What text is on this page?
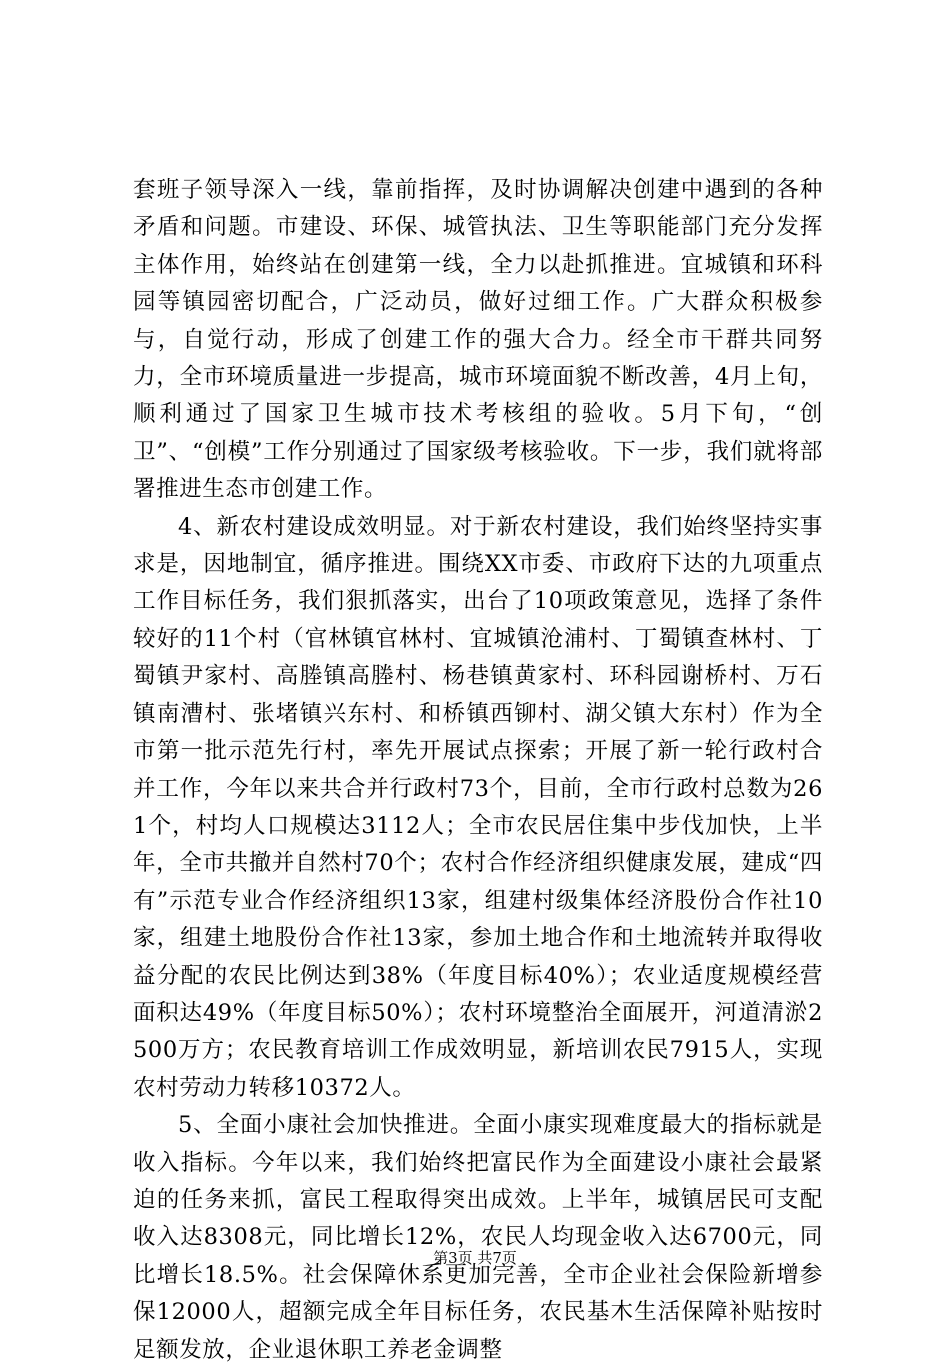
套班子领导深入一线，靠前指挥，及时协调解决创建中遇到的各种矛盾和问题。市建设、环保、城管执法、卫生等职能部门充分发挥主体作用，始终站在创建第一线，全力以赴抓推进。宜城镇和环科园等镇园密切配合，广泛动员，做好过细工作。广大群众积极参与，自觉行动，形成了创建工作的强大合力。经全市干群共同努力，全市环境质量进一步提高，城市环境面貌不断改善，4月上旬，顺利通过了国家卫生城市技术考核组的验收。5月下旬，“创卫”、“创模”工作分别通过了国家级考核验收。下一步，我们就将部署推进生态市创建工作。

4、新农村建设成效明显。对于新农村建设，我们始终坚持实事求是，因地制宜，循序推进。围绕XX市委、市政府下达的九项重点工作目标任务，我们狠抓落实，出台了10项政策意见，选择了条件较好的11个村（官林镇官林村、宜城镇沧浦村、丁蜀镇查林村、丁蜀镇尹家村、高塍镇高塍村、杨巷镇黄家村、环科园谢桥村、万石镇南漕村、张堵镇兴东村、和桥镇西铆村、湖父镇大东村）作为全市第一批示范先行村，率先开展试点探索；开展了新一轮行政村合并工作，今年以来共合并行政村73个，目前，全市行政村总数为261个，村均人口规模达3112人；全市农民居住集中步伐加快，上半年，全市共撤并自然村70个；农村合作经济组织健康发展，建成“四有”示范专业合作经济组织13家，组建村级集体经济股份合作社10家，组建土地股份合作社13家，参加土地合作和土地流转并取得收益分配的农民比例达到38%（年度目标40%）；农业适度规模经营面积达49%（年度目标50%）；农村环境整治全面展开，河道清淤2500万方；农民教育培训工作成效明显，新培训农民7915人，实现农村劳动力转移10372人。

5、全面小康社会加快推进。全面小康实现难度最大的指标就是收入指标。今年以来，我们始终把富民作为全面建设小康社会最紧迫的任务来抓，富民工程取得突出成效。上半年，城镇居民可支配收入达8308元，同比增长12%，农民人均现金收入达6700元，同比增长18.5%。社会保障休系更加完善，全市企业社会保险新增参保12000人，超额完成全年目标任务，农民基木生活保障补贴按时足额发放，企业退休职工养老金调整

第3页 共7页
